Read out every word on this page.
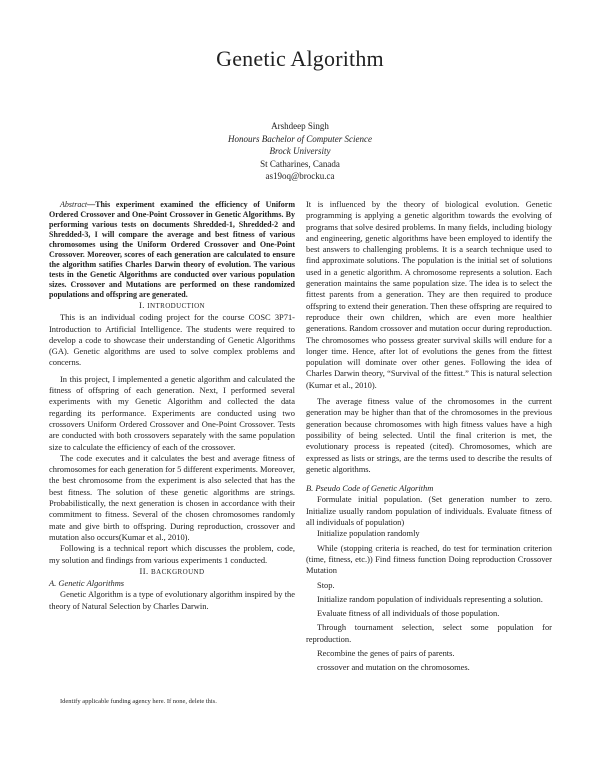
Genetic Algorithm
Arshdeep Singh
Honours Bachelor of Computer Science
Brock University
St Catharines, Canada
as19oq@brocku.ca

Abstract—This experiment examined the efficiency of Uniform Ordered Crossover and One-Point Crossover in Genetic Algorithms. By performing various tests on documents Shredded-1, Shredded-2 and Shredded-3, I will compare the average and best fitness of various chromosomes using the Uniform Ordered Crossover and One-Point Crossover. Moreover, scores of each generation are calculated to ensure the algorithm satifies Charles Darwin theory of evolution. The various tests in the Genetic Algorithms are conducted over various population sizes. Crossover and Mutations are performed on these randomized populations and offspring are generated.

I. INTRODUCTION

This is an individual coding project for the course COSC 3P71- Introduction to Artificial Intelligence. The students were required to develop a code to showcase their understanding of Genetic Algorithms (GA). Genetic algorithms are used to solve complex problems and concerns.

In this project, I implemented a genetic algorithm and calculated the fitness of offspring of each generation. Next, I performed several experiments with my Genetic Algorithm and collected the data regarding its performance. Experiments are conducted using two crossovers Uniform Ordered Crossover and One-Point Crossover. Tests are conducted with both crossovers separately with the same population size to calculate the efficiency of each of the crossover.

The code executes and it calculates the best and average fitness of chromosomes for each generation for 5 different experiments. Moreover, the best chromosome from the experiment is also selected that has the best fitness. The solution of these genetic algorithms are strings. Probabilistically, the next generation is chosen in accordance with their commitment to fitness. Several of the chosen chromosomes randomly mate and give birth to offspring. During reproduction, crossover and mutation also occurs(Kumar et al., 2010).

Following is a technical report which discusses the problem, code, my solution and findings from various experiments 1 conducted.

II. BACKGROUND

A. Genetic Algorithms

Genetic Algorithm is a type of evolutionary algorithm inspired by the theory of Natural Selection by Charles Darwin.

It is influenced by the theory of biological evolution. Genetic programming is applying a genetic algorithm towards the evolving of programs that solve desired problems. In many fields, including biology and engineering, genetic algorithms have been employed to identify the best answers to challenging problems. It is a search technique used to find approximate solutions. The population is the initial set of solutions used in a genetic algorithm. A chromosome represents a solution. Each generation maintains the same population size. The idea is to select the fittest parents from a generation. They are then required to produce offspring to extend their generation. Then these offspring are required to reproduce their own children, which are even more healthier generations. Random crossover and mutation occur during reproduction. The chromosomes who possess greater survival skills will endure for a longer time. Hence, after lot of evolutions the genes from the fittest population will dominate over other genes. Following the idea of Charles Darwin theory, “Survival of the fittest.” This is natural selection (Kumar et al., 2010).

The average fitness value of the chromosomes in the current generation may be higher than that of the chromosomes in the previous generation because chromosomes with high fitness values have a high possibility of being selected. Until the final criterion is met, the evolutionary process is repeated (cited). Chromosomes, which are expressed as lists or strings, are the terms used to describe the results of genetic algorithms.

B. Pseudo Code of Genetic Algorithm

Formulate initial population. (Set generation number to zero. Initialize usually random population of individuals. Evaluate fitness of all individuals of population)

Initialize population randomly

While (stopping criteria is reached, do test for termination criterion (time, fitness, etc.)) Find fitness function Doing reproduction Crossover Mutation

Stop.

Initialize random population of individuals representing a solution.

Evaluate fitness of all individuals of those population.

Through tournament selection, select some population for reproduction.

Recombine the genes of pairs of parents.

crossover and mutation on the chromosomes.

Identify applicable funding agency here. If none, delete this.
